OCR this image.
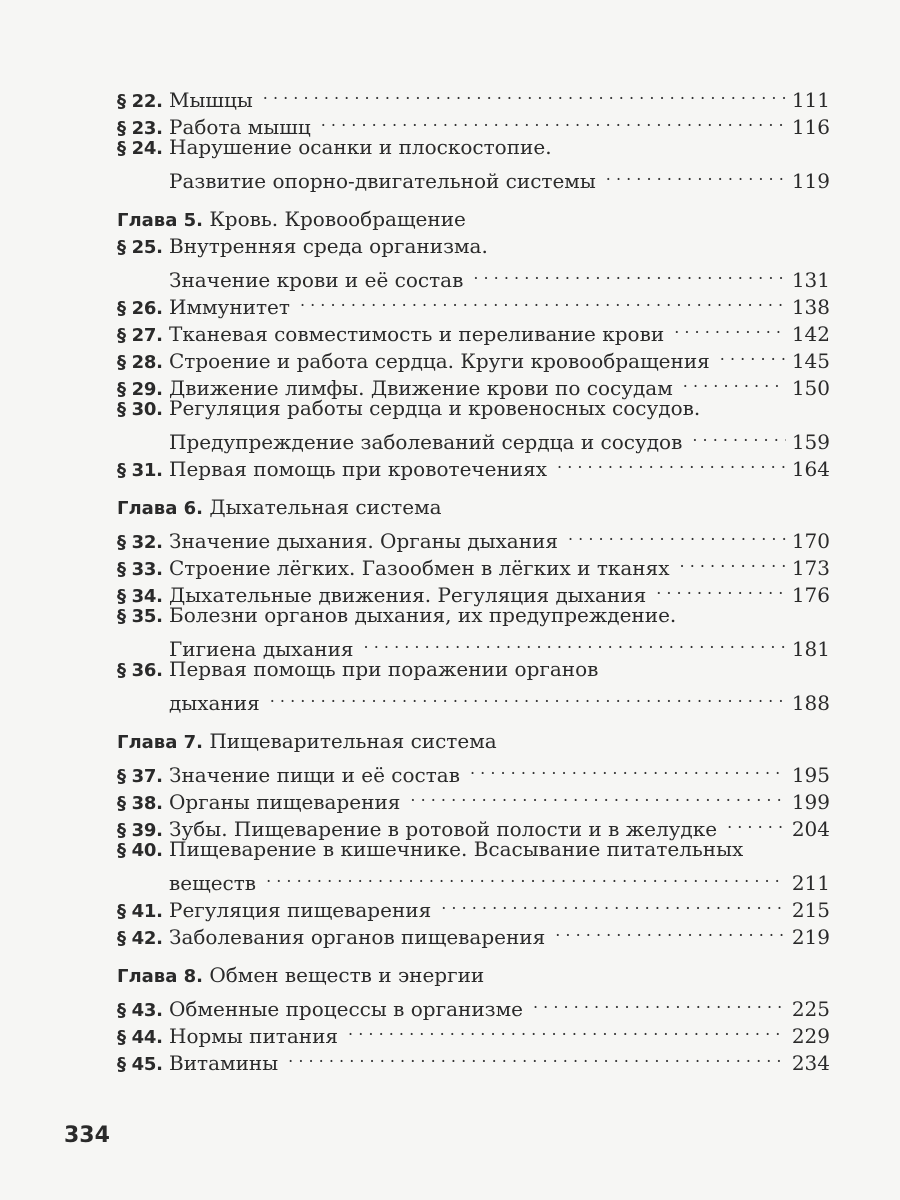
§ 22. Мышцы . . .	111
§ 23. Работа мышц . . .	116
§ 24. Нарушение осанки и плоскостопие.
Развитие опорно-двигательной системы . . .	119
Глава 5. Кровь. Кровообращение
§ 25. Внутренняя среда организма.
Значение крови и её состав . . .	131
§ 26. Иммунитет . . .	138
§ 27. Тканевая совместимость и переливание крови . . .	142
§ 28. Строение и работа сердца. Круги кровообращения . . .	145
§ 29. Движение лимфы. Движение крови по сосудам . . .	150
§ 30. Регуляция работы сердца и кровеносных сосудов.
Предупреждение заболеваний сердца и сосудов . . .	159
§ 31. Первая помощь при кровотечениях . . .	164
Глава 6. Дыхательная система
§ 32. Значение дыхания. Органы дыхания . . .	170
§ 33. Строение лёгких. Газообмен в лёгких и тканях . . .	173
§ 34. Дыхательные движения. Регуляция дыхания . . .	176
§ 35. Болезни органов дыхания, их предупреждение.
Гигиена дыхания . . .	181
§ 36. Первая помощь при поражении органов
дыхания . . .	188
Глава 7. Пищеварительная система
§ 37. Значение пищи и её состав . . .	195
§ 38. Органы пищеварения . . .	199
§ 39. Зубы. Пищеварение в ротовой полости и в желудке . . .	204
§ 40. Пищеварение в кишечнике. Всасывание питательных
веществ . . .	211
§ 41. Регуляция пищеварения . . .	215
§ 42. Заболевания органов пищеварения . . .	219
Глава 8. Обмен веществ и энергии
§ 43. Обменные процессы в организме . . .	225
§ 44. Нормы питания . . .	229
§ 45. Витамины . . .	234
334
